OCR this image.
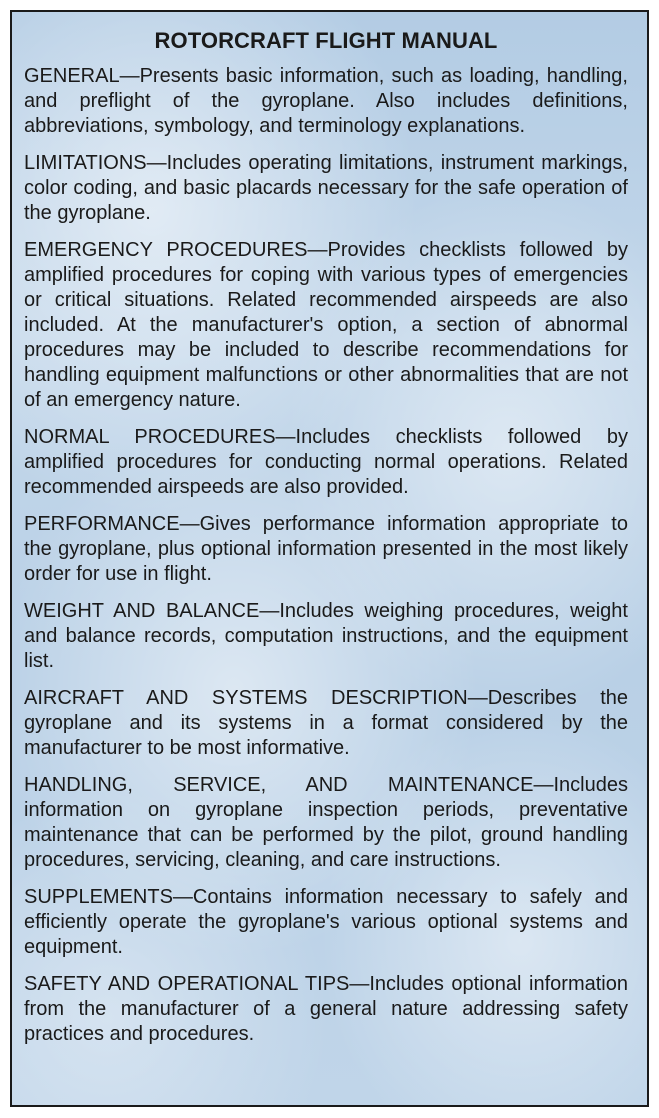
ROTORCRAFT FLIGHT MANUAL

GENERAL—Presents basic information, such as loading, handling, and preflight of the gyroplane. Also includes definitions, abbreviations, symbology, and terminology explanations.

LIMITATIONS—Includes operating limitations, instrument markings, color coding, and basic placards necessary for the safe operation of the gyroplane.

EMERGENCY PROCEDURES—Provides checklists followed by amplified procedures for coping with various types of emergencies or critical situations. Related recommended airspeeds are also included. At the manufacturer's option, a section of abnormal procedures may be included to describe recommendations for handling equipment malfunctions or other abnormalities that are not of an emergency nature.

NORMAL PROCEDURES—Includes checklists followed by amplified procedures for conducting normal operations. Related recommended airspeeds are also provided.

PERFORMANCE—Gives performance information appropriate to the gyroplane, plus optional information presented in the most likely order for use in flight.

WEIGHT AND BALANCE—Includes weighing procedures, weight and balance records, computation instructions, and the equipment list.

AIRCRAFT AND SYSTEMS DESCRIPTION—Describes the gyroplane and its systems in a format considered by the manufacturer to be most informative.

HANDLING, SERVICE, AND MAINTENANCE—Includes information on gyroplane inspection periods, preventative maintenance that can be performed by the pilot, ground handling procedures, servicing, cleaning, and care instructions.

SUPPLEMENTS—Contains information necessary to safely and efficiently operate the gyroplane's various optional systems and equipment.

SAFETY AND OPERATIONAL TIPS—Includes optional information from the manufacturer of a general nature addressing safety practices and procedures.
